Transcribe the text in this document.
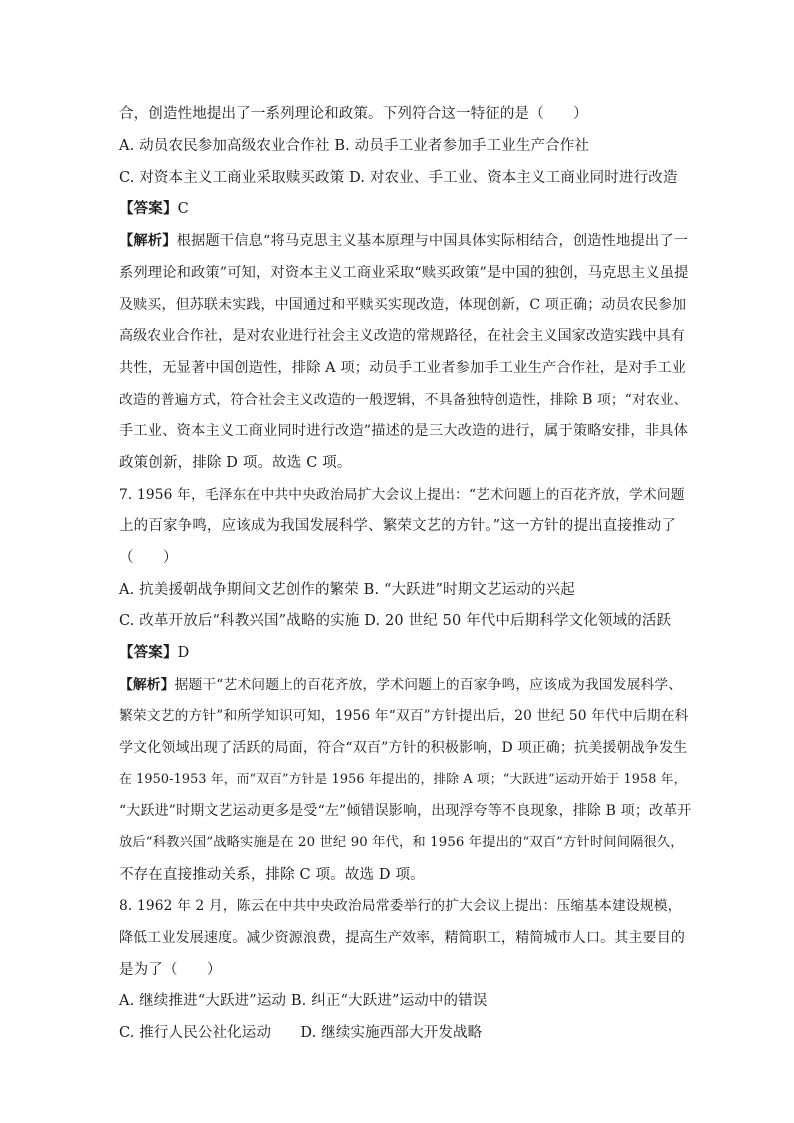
合，创造性地提出了一系列理论和政策。下列符合这一特征的是（　　）
A. 动员农民参加高级农业合作社 B. 动员手工业者参加手工业生产合作社
C. 对资本主义工商业采取赎买政策 D. 对农业、手工业、资本主义工商业同时进行改造
【答案】C
【解析】根据题干信息“将马克思主义基本原理与中国具体实际相结合，创造性地提出了一
系列理论和政策”可知，对资本主义工商业采取“赎买政策”是中国的独创，马克思主义虽提
及赎买，但苏联未实践，中国通过和平赎买实现改造，体现创新，C 项正确；动员农民参加
高级农业合作社，是对农业进行社会主义改造的常规路径，在社会主义国家改造实践中具有
共性，无显著中国创造性，排除 A 项；动员手工业者参加手工业生产合作社，是对手工业
改造的普遍方式，符合社会主义改造的一般逻辑，不具备独特创造性，排除 B 项；“对农业、
手工业、资本主义工商业同时进行改造”描述的是三大改造的进行，属于策略安排，非具体
政策创新，排除 D 项。故选 C 项。
7. 1956 年，毛泽东在中共中央政治局扩大会议上提出：“艺术问题上的百花齐放，学术问题
上的百家争鸣，应该成为我国发展科学、繁荣文艺的方针。”这一方针的提出直接推动了
（　　）
A. 抗美援朝战争期间文艺创作的繁荣 B. “大跃进”时期文艺运动的兴起
C. 改革开放后“科教兴国”战略的实施 D. 20 世纪 50 年代中后期科学文化领域的活跃
【答案】D
【解析】据题干“艺术问题上的百花齐放，学术问题上的百家争鸣，应该成为我国发展科学、
繁荣文艺的方针”和所学知识可知，1956 年“双百”方针提出后，20 世纪 50 年代中后期在科
学文化领域出现了活跃的局面，符合“双百”方针的积极影响，D 项正确；抗美援朝战争发生
在 1950-1953 年，而“双百”方针是 1956 年提出的，排除 A 项；“大跃进”运动开始于 1958 年，
“大跃进”时期文艺运动更多是受“左”倾错误影响，出现浮夸等不良现象，排除 B 项；改革开
放后“科教兴国”战略实施是在 20 世纪 90 年代，和 1956 年提出的“双百”方针时间间隔很久，
不存在直接推动关系，排除 C 项。故选 D 项。
8. 1962 年 2 月，陈云在中共中央政治局常委举行的扩大会议上提出：压缩基本建设规模，
降低工业发展速度。减少资源浪费，提高生产效率，精简职工，精简城市人口。其主要目的
是为了（　　）
A. 继续推进“大跃进”运动 B. 纠正“大跃进”运动中的错误
C. 推行人民公社化运动　　D. 继续实施西部大开发战略
